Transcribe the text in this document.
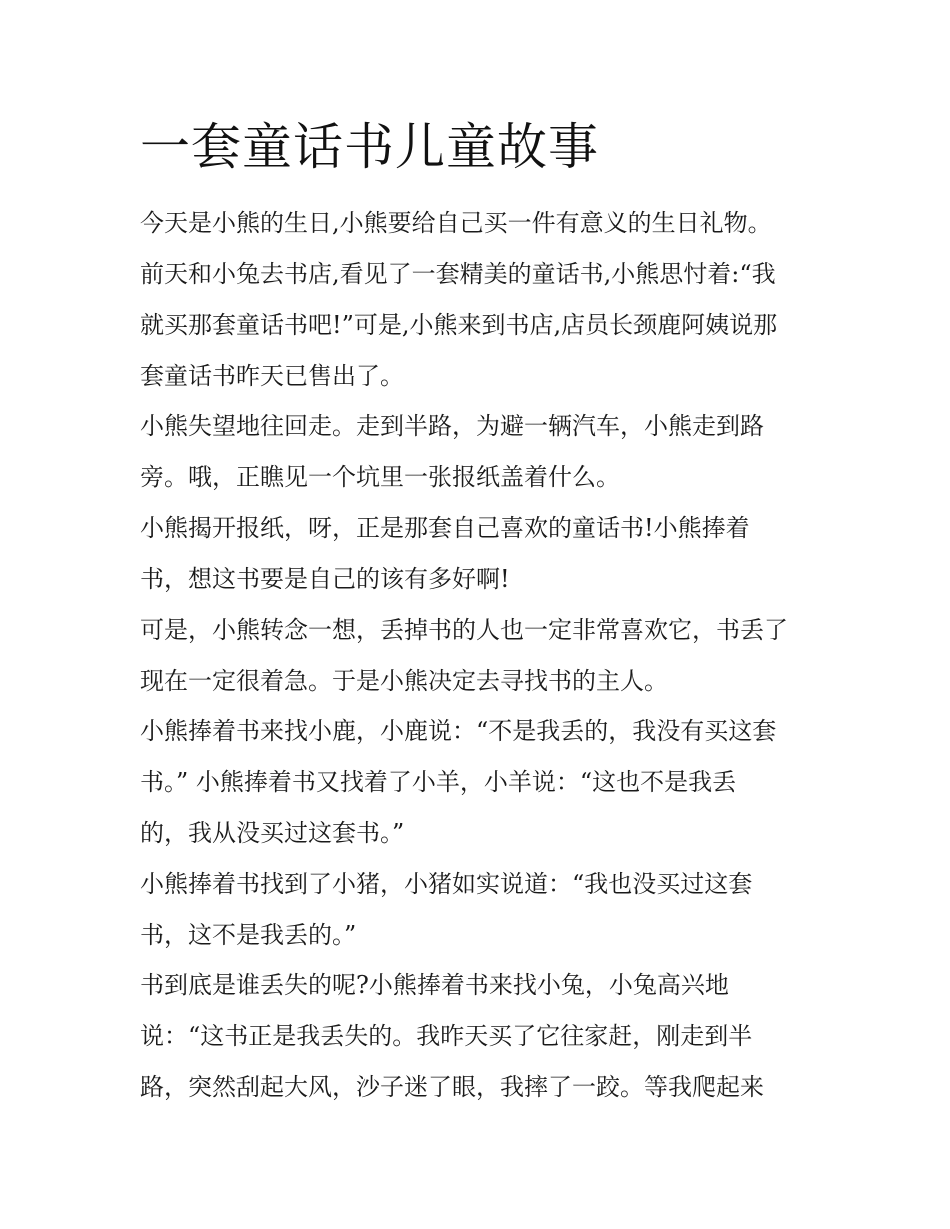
一套童话书儿童故事

今天是小熊的生日,小熊要给自己买一件有意义的生日礼物。

前天和小兔去书店,看见了一套精美的童话书,小熊思忖着:“我

就买那套童话书吧!”可是,小熊来到书店,店员长颈鹿阿姨说那

套童话书昨天已售出了。

小熊失望地往回走。走到半路，为避一辆汽车，小熊走到路

旁。哦，正瞧见一个坑里一张报纸盖着什么。

小熊揭开报纸，呀，正是那套自己喜欢的童话书!小熊捧着

书，想这书要是自己的该有多好啊!

可是，小熊转念一想，丢掉书的人也一定非常喜欢它，书丢了

现在一定很着急。于是小熊决定去寻找书的主人。

小熊捧着书来找小鹿，小鹿说：“不是我丢的，我没有买这套

书。” 小熊捧着书又找着了小羊，小羊说：“这也不是我丢

的，我从没买过这套书。”

小熊捧着书找到了小猪，小猪如实说道：“我也没买过这套

书，这不是我丢的。”

书到底是谁丢失的呢?小熊捧着书来找小兔，小兔高兴地

说：“这书正是我丢失的。我昨天买了它往家赶，刚走到半

路，突然刮起大风，沙子迷了眼，我摔了一跤。等我爬起来
